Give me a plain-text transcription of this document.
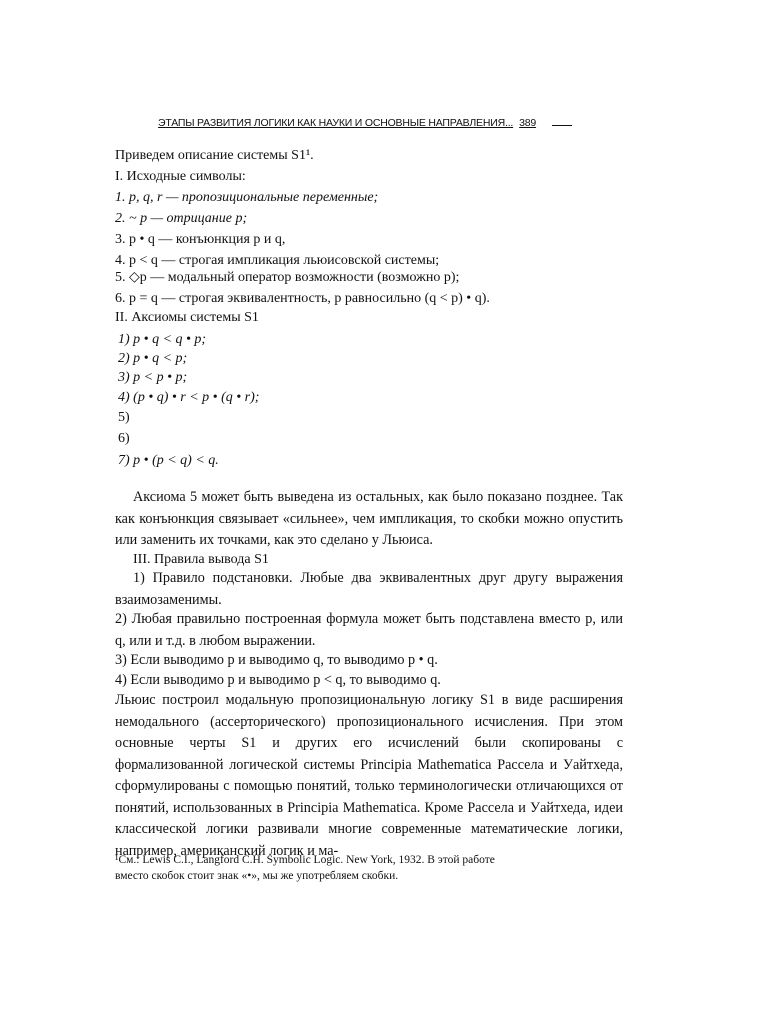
ЭТАПЫ РАЗВИТИЯ ЛОГИКИ КАК НАУКИ И ОСНОВНЫЕ НАПРАВЛЕНИЯ... 389
Приведем описание системы S1¹.
I. Исходные символы:
1. p, q, r — пропозициональные переменные;
2. ~ p — отрицание p;
3. p • q — конъюнкция p и q,
4. p < q — строгая импликация льюисовской системы;
5. ◇p — модальный оператор возможности (возможно p);
6. p = q — строгая эквивалентность, p равносильно (q < p) • q).
II. Аксиомы системы S1
1) p • q < q • p;
2) p • q < p;
3) p < p • p;
4) (p • q) • r < p • (q • r);
5)
6)
7) p • (p < q) < q.

Аксиома 5 может быть выведена из остальных, как было показано позднее. Так как конъюнкция связывает «сильнее», чем импликация, то скобки можно опустить или заменить их точками, как это сделано у Льюиса.

III. Правила вывода S1

1) Правило подстановки. Любые два эквивалентных друг другу выражения взаимозаменимы.

2) Любая правильно построенная формула может быть подставлена вместо p, или q, или и т.д. в любом выражении.

3) Если выводимо p и выводимо q, то выводимо p • q.

4) Если выводимо p и выводимо p < q, то выводимо q.

Льюис построил модальную пропозициональную логику S1 в виде расширения немодального (ассерторического) пропозиционального исчисления. При этом основные черты S1 и других его исчислений были скопированы с формализованной логической системы Principia Mathematica Рассела и Уайтхеда, сформулированы с помощью понятий, только терминологически отличающихся от понятий, использованных в Principia Mathematica. Кроме Рассела и Уайтхеда, идеи классической логики развивали многие современные математические логики, например, американский логик и ма-

¹См.: Lewis C.I., Langford C.H. Symbolic Logic. New York, 1932. В этой работе

вместо скобок стоит знак «•», мы же употребляем скобки.
